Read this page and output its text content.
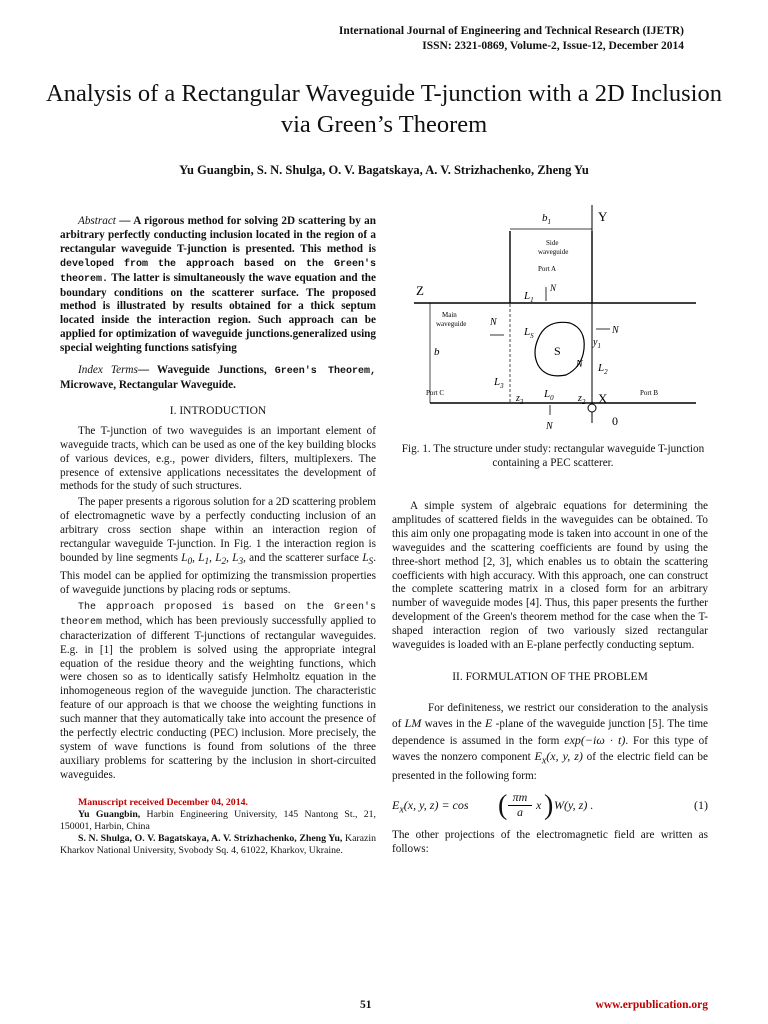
International Journal of Engineering and Technical Research (IJETR)
ISSN: 2321-0869, Volume-2, Issue-12, December 2014
Analysis of a Rectangular Waveguide T-junction with a 2D Inclusion via Green’s Theorem
Yu Guangbin, S. N. Shulga, O. V. Bagatskaya, A. V. Strizhachenko, Zheng Yu
Abstract — A rigorous method for solving 2D scattering by an arbitrary perfectly conducting inclusion located in the region of a rectangular waveguide T-junction is presented. This method is developed from the approach based on the Green's theorem. The latter is simultaneously the wave equation and the boundary conditions on the scatterer surface. The proposed method is illustrated by results obtained for a thick septum located inside the interaction region. Such approach can be applied for optimization of waveguide junctions.generalized using special weighting functions satisfying
Index Terms— Waveguide Junctions, Green's Theorem, Microwave, Rectangular Waveguide.
I. INTRODUCTION
The T-junction of two waveguides is an important element of waveguide tracts, which can be used as one of the key building blocks of various devices, e.g., power dividers, filters, multiplexers. The presence of extensive applications necessitates the development of methods for the study of such structures.
The paper presents a rigorous solution for a 2D scattering problem of electromagnetic wave by a perfectly conducting inclusion of an arbitrary cross section shape within an interaction region of rectangular waveguide T-junction. In Fig. 1 the interaction region is bounded by line segments $L_0$, $L_1$, $L_2$, $L_3$, and the scatterer surface $L_S$. This model can be applied for optimizing the transmission properties of waveguide junctions by placing rods or septums.
The approach proposed is based on the Green's theorem method, which has been previously successfully applied to characterization of different T-junctions of rectangular waveguides. E.g. in [1] the problem is solved using the appropriate integral equation of the residue theory and the weighting functions, which were chosen so as to identically satisfy Helmholtz equation in the inhomogeneous region of the waveguide junction. The characteristic feature of our approach is that we choose the weighting functions in such manner that they automatically take into account the presence of the perfectly electric conducting (PEC) inclusion. More precisely, the system of wave functions is found from solutions of the three auxiliary problems for scattering by the inclusion in short-circuited waveguides.
Manuscript received December 04, 2014.
Yu Guangbin, Harbin Engineering University, 145 Nantong St., 21, 150001, Harbin, China
S. N. Shulga, O. V. Bagatskaya, A. V. Strizhachenko, Zheng Yu, Karazin Kharkov National University, Svobody Sq. 4, 61022, Kharkov, Ukraine.
$b_1$	Y
Z
X
0
Side
waveguide
Port A
Main
waveguide
$L_1$
N
N
$L_S$
S
N
$y_1$
N
$L_2$
$L_3$
$z_3$
$L_0$ $z_2$
b
Port C	Port B
N
Fig. 1. The structure under study: rectangular waveguide T-junction containing a PEC scatterer.
A simple system of algebraic equations for determining the amplitudes of scattered fields in the waveguides can be obtained. To this aim only one propagating mode is taken into account in one of the waveguides and the scattering coefficients are found by using the three-short method [2, 3], which enables us to obtain the scattering coefficients with high accuracy. With this approach, one can construct the complete scattering matrix in a closed form for an arbitrary number of waveguide modes [4]. Thus, this paper presents the further development of the Green's theorem method for the case when the T-shaped interaction region of two variously sized rectangular waveguides is loaded with an E-plane perfectly conducting septum.
II. FORMULATION OF THE PROBLEM
For definiteness, we restrict our consideration to the analysis of LM waves in the E -plane of the waveguide junction [5]. The time dependence is assumed in the form exp(−iω · t). For this type of waves the nonzero component $E_x(x$, y, z) of the electric field can be presented in the following form:
$E_x(x$, y, z) = cos ( πm
a	x ) W(y, z) .	(1)
The other projections of the electromagnetic field are written as follows:
51	www.erpublication.org
